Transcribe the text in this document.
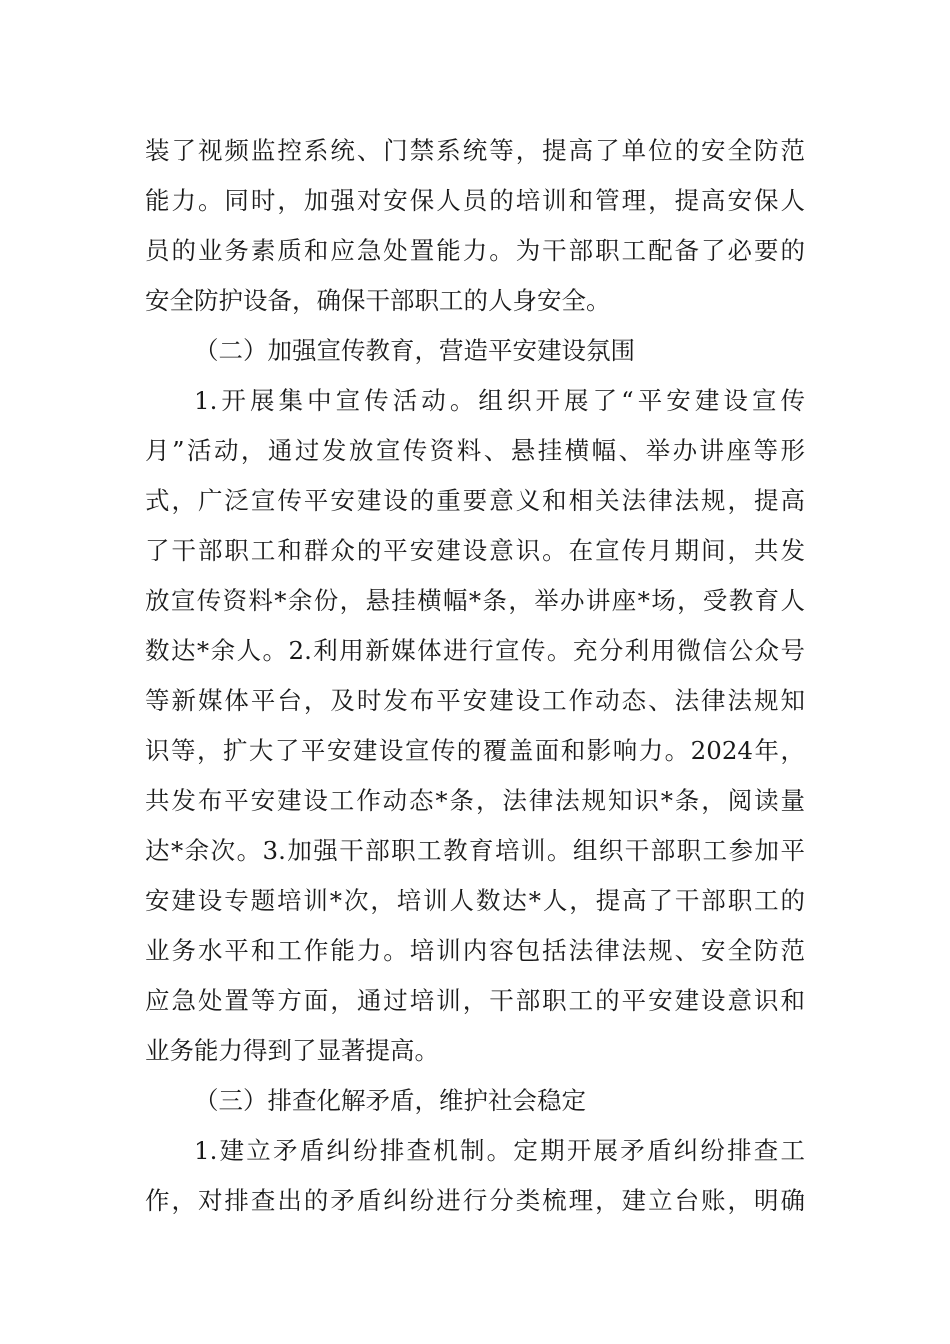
装了视频监控系统、门禁系统等，提高了单位的安全防范
能力。同时，加强对安保人员的培训和管理，提高安保人
员的业务素质和应急处置能力。为干部职工配备了必要的
安全防护设备，确保干部职工的人身安全。
（二）加强宣传教育，营造平安建设氛围
1.开展集中宣传活动。组织开展了“平安建设宣传
月”活动，通过发放宣传资料、悬挂横幅、举办讲座等形
式，广泛宣传平安建设的重要意义和相关法律法规，提高
了干部职工和群众的平安建设意识。在宣传月期间，共发
放宣传资料*余份，悬挂横幅*条，举办讲座*场，受教育人
数达*余人。2.利用新媒体进行宣传。充分利用微信公众号
等新媒体平台，及时发布平安建设工作动态、法律法规知
识等，扩大了平安建设宣传的覆盖面和影响力。2024年，
共发布平安建设工作动态*条，法律法规知识*条，阅读量
达*余次。3.加强干部职工教育培训。组织干部职工参加平
安建设专题培训*次，培训人数达*人，提高了干部职工的
业务水平和工作能力。培训内容包括法律法规、安全防范
应急处置等方面，通过培训，干部职工的平安建设意识和
业务能力得到了显著提高。
（三）排查化解矛盾，维护社会稳定
1.建立矛盾纠纷排查机制。定期开展矛盾纠纷排查工
作，对排查出的矛盾纠纷进行分类梳理，建立台账，明确
